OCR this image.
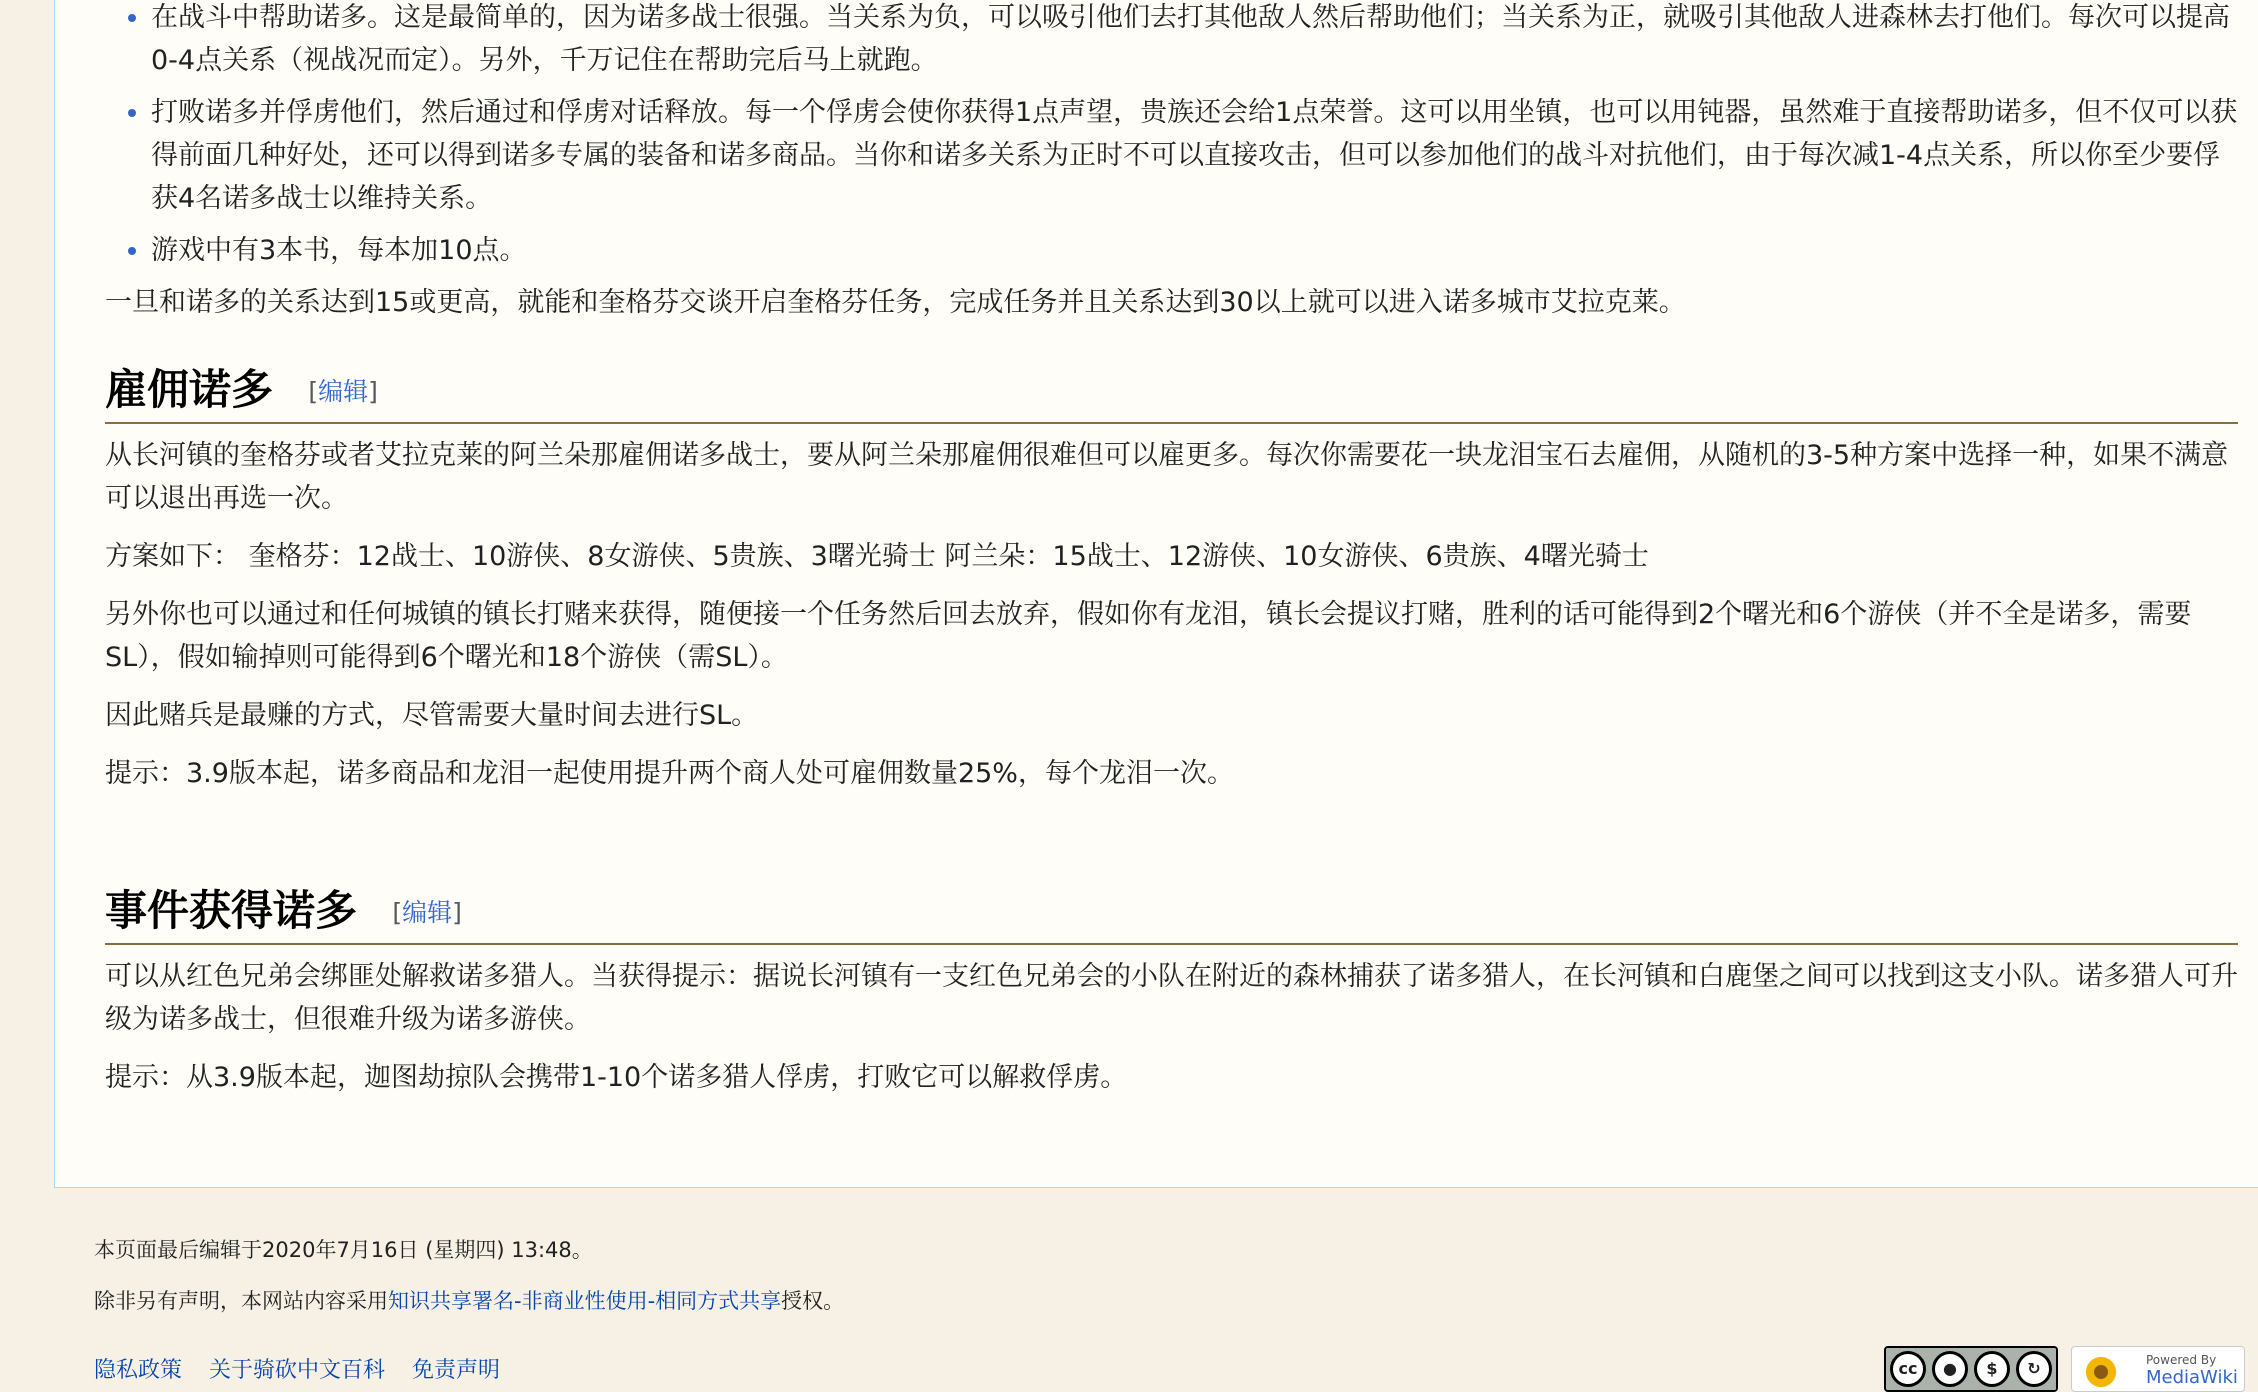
在战斗中帮助诺多。这是最简单的，因为诺多战士很强。当关系为负，可以吸引他们去打其他敌人然后帮助他们；当关系为正，就吸引其他敌人进森林去打他们。每次可以提高0-4点关系（视战况而定）。另外，千万记住在帮助完后马上就跑。
打败诺多并俘虏他们，然后通过和俘虏对话释放。每一个俘虏会使你获得1点声望，贵族还会给1点荣誉。这可以用坐镇，也可以用钝器，虽然难于直接帮助诺多，但不仅可以获得前面几种好处，还可以得到诺多专属的装备和诺多商品。当你和诺多关系为正时不可以直接攻击，但可以参加他们的战斗对抗他们，由于每次减1-4点关系，所以你至少要俘获4名诺多战士以维持关系。
游戏中有3本书，每本加10点。

一旦和诺多的关系达到15或更高，就能和奎格芬交谈开启奎格芬任务，完成任务并且关系达到30以上就可以进入诺多城市艾拉克莱。

雇佣诺多 [编辑]

从长河镇的奎格芬或者艾拉克莱的阿兰朵那雇佣诺多战士，要从阿兰朵那雇佣很难但可以雇更多。每次你需要花一块龙泪宝石去雇佣，从随机的3-5种方案中选择一种，如果不满意可以退出再选一次。

方案如下： 奎格芬：12战士、10游侠、8女游侠、5贵族、3曙光骑士 阿兰朵：15战士、12游侠、10女游侠、6贵族、4曙光骑士

另外你也可以通过和任何城镇的镇长打赌来获得，随便接一个任务然后回去放弃，假如你有龙泪，镇长会提议打赌，胜利的话可能得到2个曙光和6个游侠（并不全是诺多，需要SL），假如输掉则可能得到6个曙光和18个游侠（需SL）。

因此赌兵是最赚的方式，尽管需要大量时间去进行SL。

提示：3.9版本起，诺多商品和龙泪一起使用提升两个商人处可雇佣数量25%，每个龙泪一次。

事件获得诺多 [编辑]

可以从红色兄弟会绑匪处解救诺多猎人。当获得提示：据说长河镇有一支红色兄弟会的小队在附近的森林捕获了诺多猎人，在长河镇和白鹿堡之间可以找到这支小队。诺多猎人可升级为诺多战士，但很难升级为诺多游侠。

提示：从3.9版本起，迦图劫掠队会携带1-10个诺多猎人俘虏，打败它可以解救俘虏。

本页面最后编辑于2020年7月16日 (星期四) 13:48。
除非另有声明，本网站内容采用知识共享署名-非商业性使用-相同方式共享授权。
隐私政策 关于骑砍中文百科 免责声明	cc	●	$	↻	Powered By
MediaWiki
